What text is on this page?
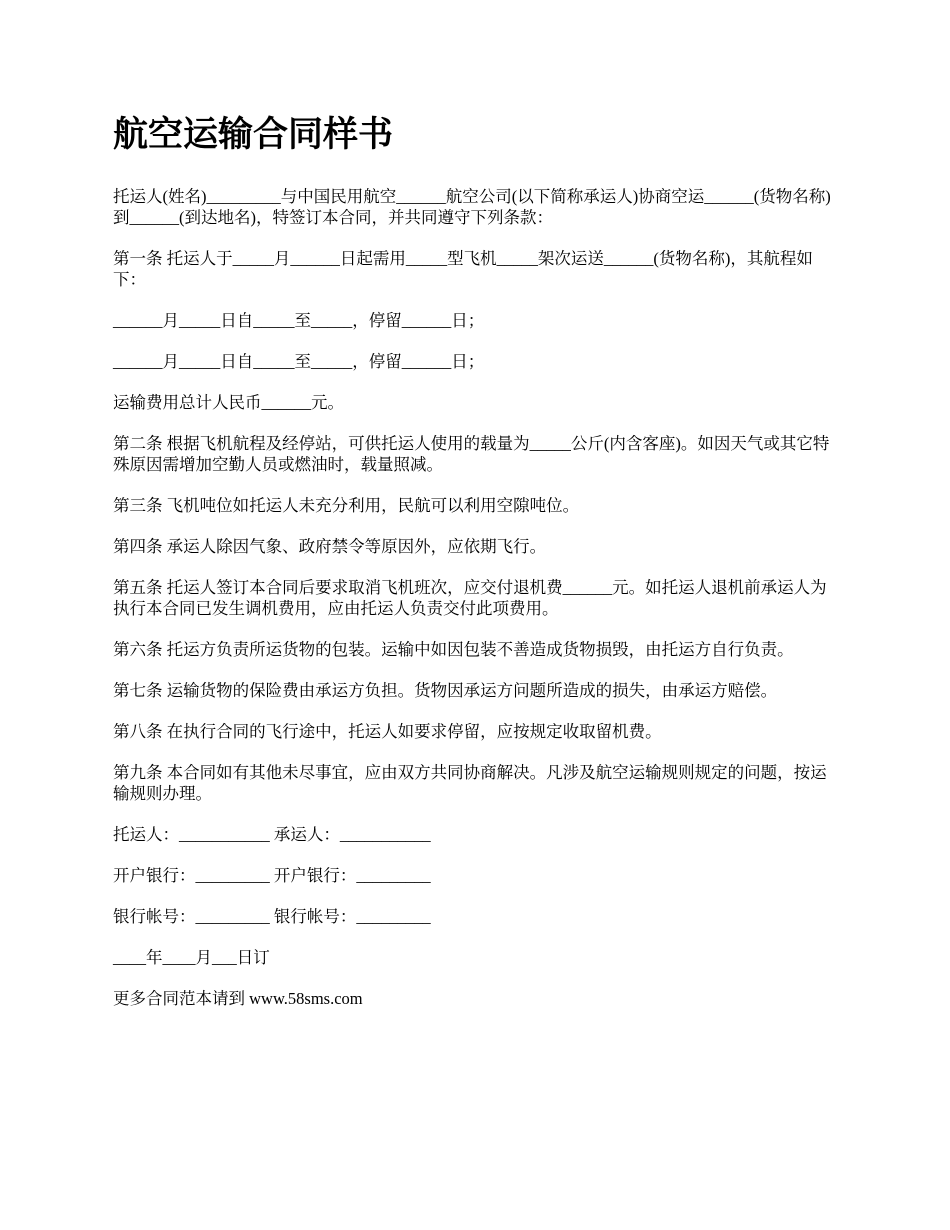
航空运输合同样书

托运人(姓名)_________与中国民用航空______航空公司(以下简称承运人)协商空运______(货物名称)到______(到达地名)，特签订本合同，并共同遵守下列条款：

第一条 托运人于_____月______日起需用_____型飞机_____架次运送______(货物名称)，其航程如下：

______月_____日自_____至_____，停留______日；

______月_____日自_____至_____，停留______日；

运输费用总计人民币______元。

第二条 根据飞机航程及经停站，可供托运人使用的载量为_____公斤(内含客座)。如因天气或其它特殊原因需增加空勤人员或燃油时，载量照减。

第三条 飞机吨位如托运人未充分利用，民航可以利用空隙吨位。

第四条 承运人除因气象、政府禁令等原因外，应依期飞行。

第五条 托运人签订本合同后要求取消飞机班次，应交付退机费______元。如托运人退机前承运人为执行本合同已发生调机费用，应由托运人负责交付此项费用。

第六条 托运方负责所运货物的包装。运输中如因包装不善造成货物损毁，由托运方自行负责。

第七条 运输货物的保险费由承运方负担。货物因承运方问题所造成的损失，由承运方赔偿。

第八条 在执行合同的飞行途中，托运人如要求停留，应按规定收取留机费。

第九条 本合同如有其他未尽事宜，应由双方共同协商解决。凡涉及航空运输规则规定的问题，按运输规则办理。

托运人：___________ 承运人：___________

开户银行：_________ 开户银行：_________

银行帐号：_________ 银行帐号：_________

____年____月___日订

更多合同范本请到 www.58sms.com
